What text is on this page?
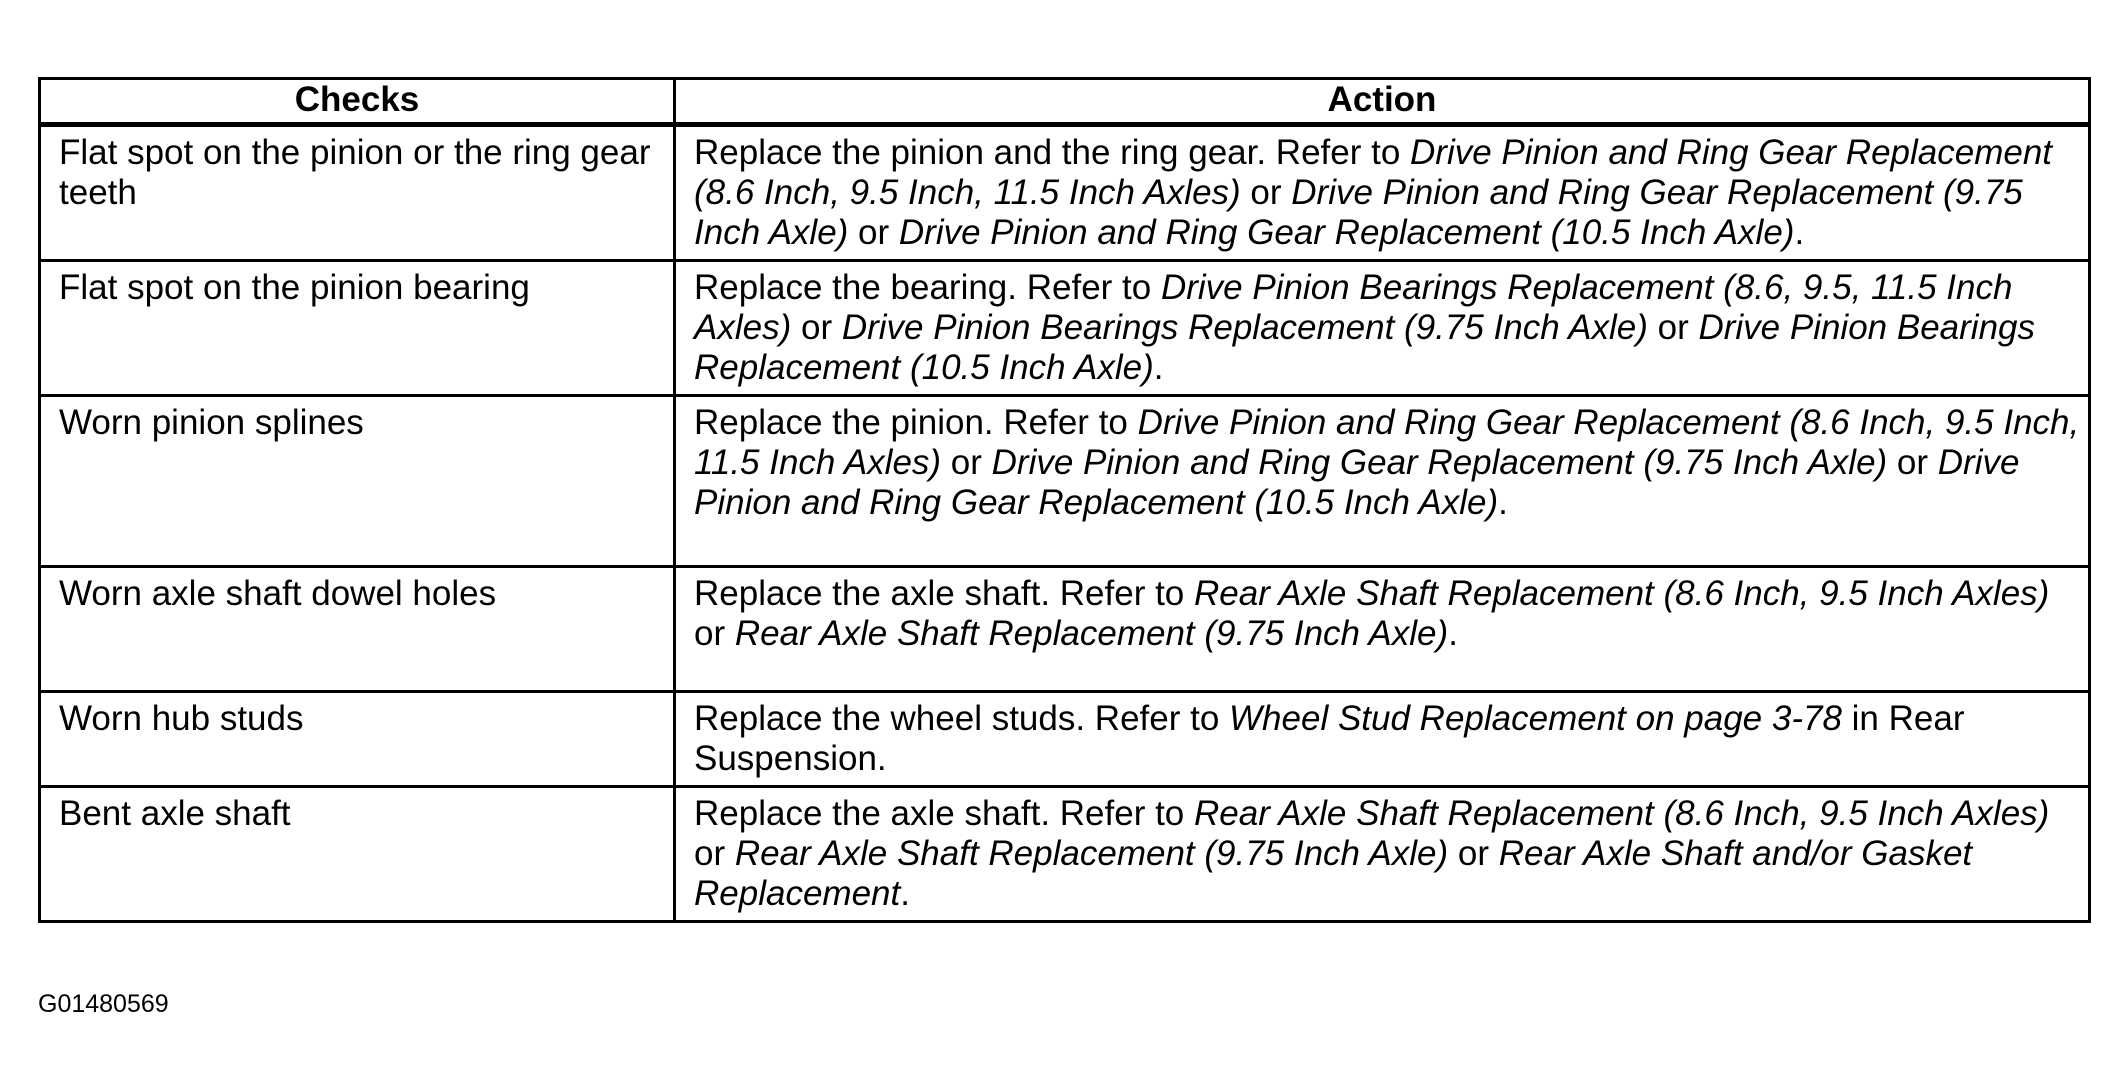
Checks	Action
Flat spot on the pinion or the ring gear teeth	Replace the pinion and the ring gear. Refer to Drive Pinion and Ring Gear Replacement (8.6 Inch, 9.5 Inch, 11.5 Inch Axles) or Drive Pinion and Ring Gear Replacement (9.75 Inch Axle) or Drive Pinion and Ring Gear Replacement (10.5 Inch Axle).
Flat spot on the pinion bearing	Replace the bearing. Refer to Drive Pinion Bearings Replacement (8.6, 9.5, 11.5 Inch Axles) or Drive Pinion Bearings Replacement (9.75 Inch Axle) or Drive Pinion Bearings Replacement (10.5 Inch Axle).
Worn pinion splines	Replace the pinion. Refer to Drive Pinion and Ring Gear Replacement (8.6 Inch, 9.5 Inch, 11.5 Inch Axles) or Drive Pinion and Ring Gear Replacement (9.75 Inch Axle) or Drive Pinion and Ring Gear Replacement (10.5 Inch Axle).
Worn axle shaft dowel holes	Replace the axle shaft. Refer to Rear Axle Shaft Replacement (8.6 Inch, 9.5 Inch Axles) or Rear Axle Shaft Replacement (9.75 Inch Axle).
Worn hub studs	Replace the wheel studs. Refer to Wheel Stud Replacement on page 3-78 in Rear Suspension.
Bent axle shaft	Replace the axle shaft. Refer to Rear Axle Shaft Replacement (8.6 Inch, 9.5 Inch Axles) or Rear Axle Shaft Replacement (9.75 Inch Axle) or Rear Axle Shaft and/or Gasket Replacement.
G01480569
